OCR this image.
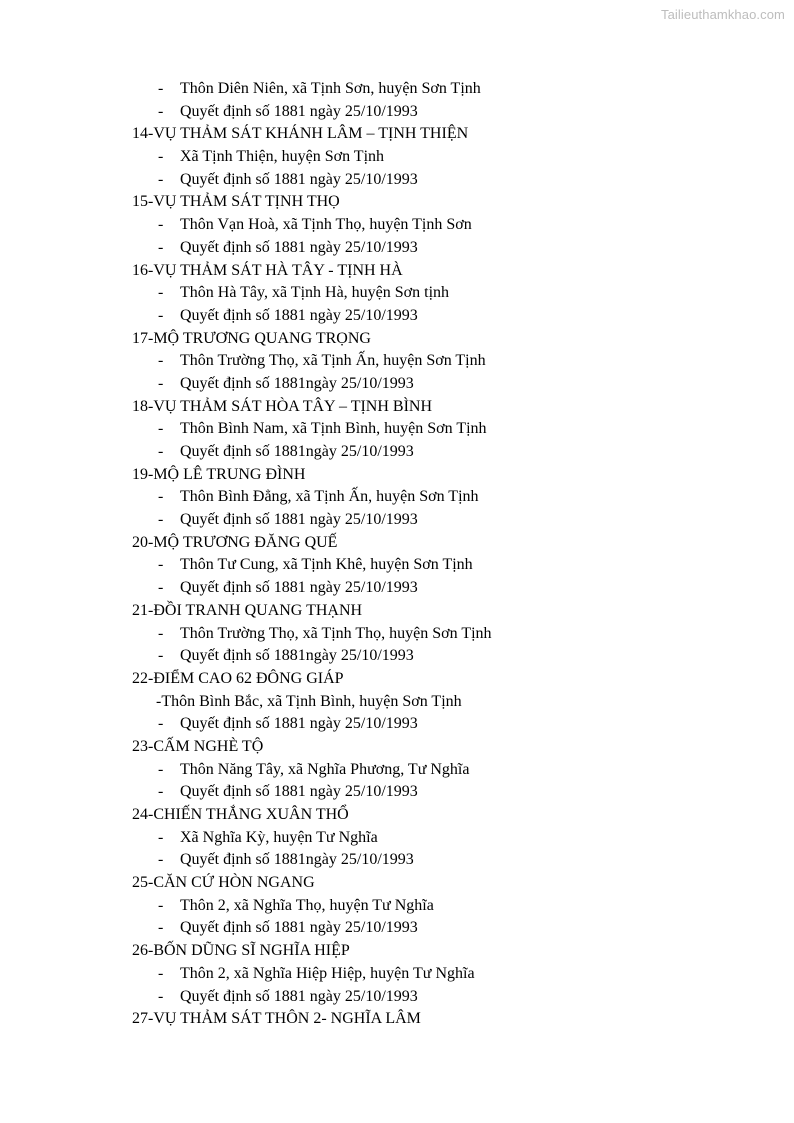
Tailieuthamkhao.com
- Thôn Diên Niên, xã Tịnh Sơn, huyện Sơn Tịnh
- Quyết định số 1881 ngày 25/10/1993
14-VỤ THẢM SÁT KHÁNH LÂM – TỊNH THIỆN
- Xã Tịnh Thiện, huyện Sơn Tịnh
- Quyết định số 1881 ngày 25/10/1993
15-VỤ THẢM SÁT TỊNH THỌ
- Thôn Vạn Hoà, xã Tịnh Thọ, huyện Tịnh Sơn
- Quyết định số 1881 ngày 25/10/1993
16-VỤ THẢM SÁT HÀ TÂY - TỊNH HÀ
- Thôn Hà Tây, xã Tịnh Hà, huyện Sơn tịnh
- Quyết định số 1881 ngày 25/10/1993
17-MỘ TRƯƠNG QUANG TRỌNG
- Thôn Trường Thọ, xã Tịnh Ấn, huyện Sơn Tịnh
- Quyết định số 1881ngày 25/10/1993
18-VỤ THẢM SÁT HÒA TÂY – TỊNH BÌNH
- Thôn Bình Nam, xã Tịnh Bình, huyện Sơn Tịnh
- Quyết định số 1881ngày 25/10/1993
19-MỘ LÊ TRUNG ĐÌNH
- Thôn Bình Đẳng, xã Tịnh Ấn, huyện Sơn Tịnh
- Quyết định số 1881 ngày 25/10/1993
20-MỘ TRƯƠNG ĐĂNG QUẾ
- Thôn Tư Cung, xã Tịnh Khê, huyện Sơn Tịnh
- Quyết định số 1881 ngày 25/10/1993
21-ĐỒI TRANH QUANG THẠNH
- Thôn Trường Thọ, xã Tịnh Thọ, huyện Sơn Tịnh
- Quyết định số 1881ngày 25/10/1993
22-ĐIỂM CAO 62 ĐÔNG GIÁP
-Thôn Bình Bắc, xã Tịnh Bình, huyện Sơn Tịnh
- Quyết định số 1881 ngày 25/10/1993
23-CẤM NGHÈ TỘ
- Thôn Năng Tây, xã Nghĩa Phương, Tư Nghĩa
- Quyết định số 1881 ngày 25/10/1993
24-CHIẾN THẮNG XUÂN THỔ
- Xã Nghĩa Kỳ, huyện Tư Nghĩa
- Quyết định số 1881ngày 25/10/1993
25-CĂN CỨ HÒN NGANG
- Thôn 2, xã Nghĩa Thọ, huyện Tư Nghĩa
- Quyết định số 1881 ngày 25/10/1993
26-BỐN DŨNG SĨ NGHĨA HIỆP
- Thôn 2, xã Nghĩa Hiệp Hiệp, huyện Tư Nghĩa
- Quyết định số 1881 ngày 25/10/1993
27-VỤ THẢM SÁT THÔN 2- NGHĨA LÂM
